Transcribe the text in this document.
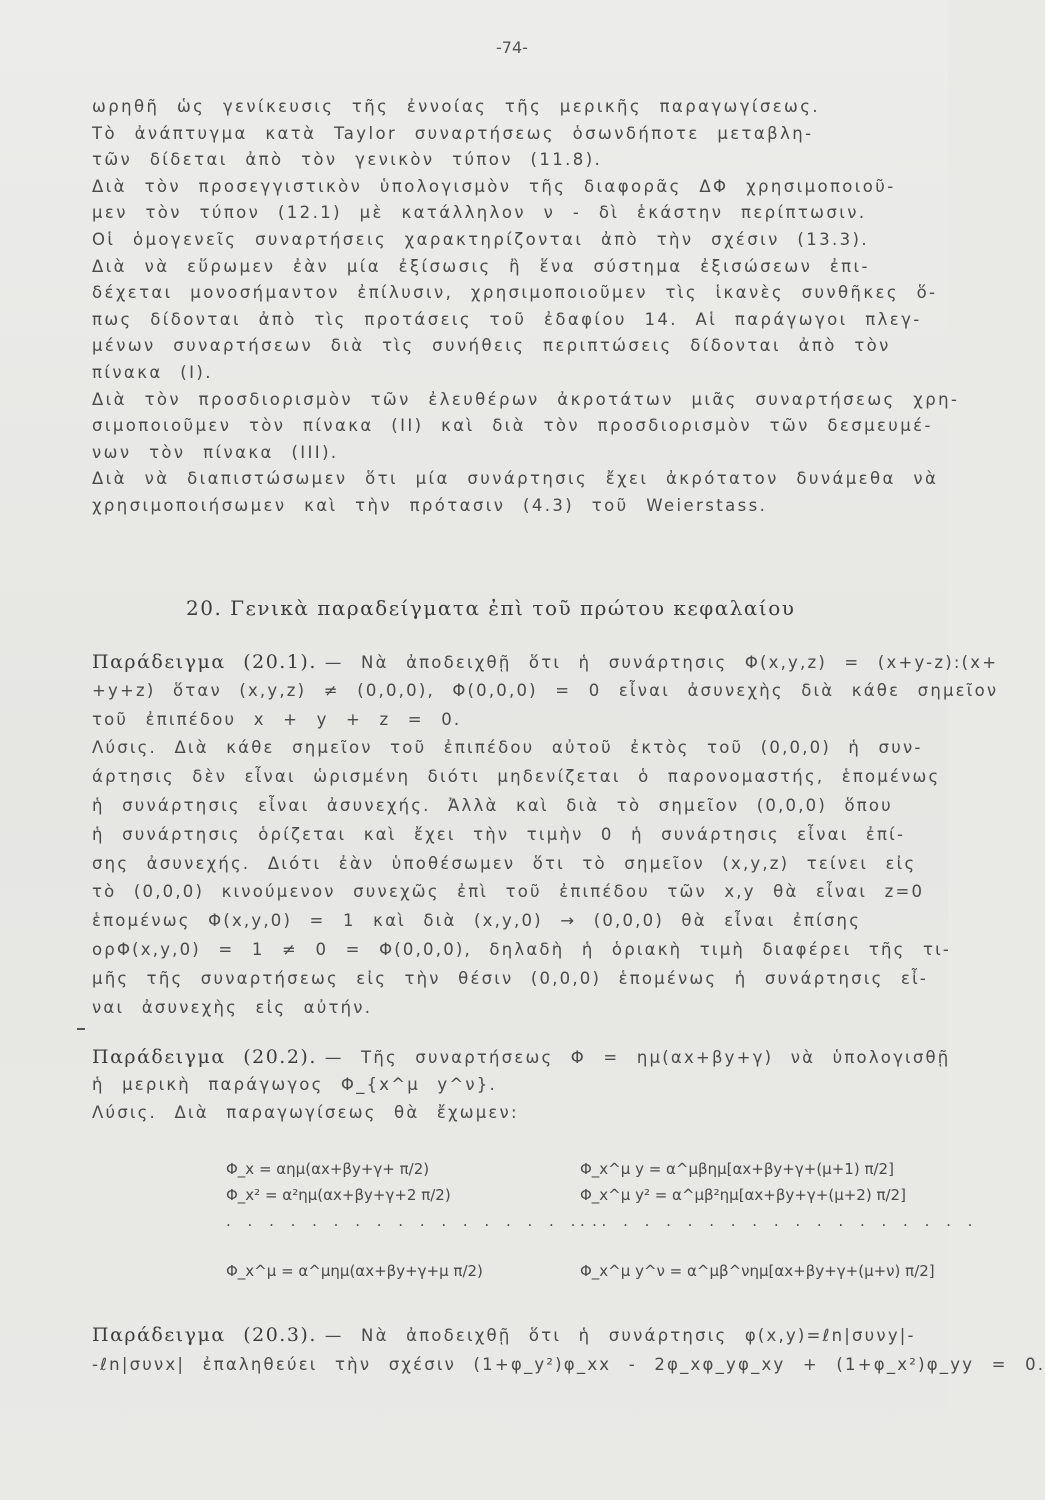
-74-
ωρηθῆ ὡς γενίκευσις τῆς ἐννοίας τῆς μερικῆς παραγωγίσεως.
Τὸ ἀνάπτυγμα κατὰ Taylor συναρτήσεως ὁσωνδήποτε μεταβλη-
τῶν δίδεται ἀπὸ τὸν γενικὸν τύπον (11.8).
Διὰ τὸν προσεγγιστικὸν ὑπολογισμὸν τῆς διαφορᾶς ΔΦ χρησιμοποιοῦ-
μεν τὸν τύπον (12.1) μὲ κατάλληλον ν - δὶ ἑκάστην περίπτωσιν.
Οἱ ὁμογενεῖς συναρτήσεις χαρακτηρίζονται ἀπὸ τὴν σχέσιν (13.3).
Διὰ νὰ εὕρωμεν ἐὰν μία ἐξίσωσις ἢ ἕνα σύστημα ἐξισώσεων ἐπι-
δέχεται μονοσήμαντον ἐπίλυσιν, χρησιμοποιοῦμεν τὶς ἱκανὲς συνθῆκες ὅ-
πως δίδονται ἀπὸ τὶς προτάσεις τοῦ ἐδαφίου 14. Αἱ παράγωγοι πλεγ-
μένων συναρτήσεων διὰ τὶς συνήθεις περιπτώσεις δίδονται ἀπὸ τὸν
πίνακα (Ι).
Διὰ τὸν προσδιορισμὸν τῶν ἐλευθέρων ἀκροτάτων μιᾶς συναρτήσεως χρη-
σιμοποιοῦμεν τὸν πίνακα (ΙΙ) καὶ διὰ τὸν προσδιορισμὸν τῶν δεσμευμέ-
νων τὸν πίνακα (ΙΙΙ).
Διὰ νὰ διαπιστώσωμεν ὅτι μία συνάρτησις ἔχει ἀκρότατον δυνάμεθα νὰ
χρησιμοποιήσωμεν καὶ τὴν πρότασιν (4.3) τοῦ Weierstass.
20. Γενικὰ παραδείγματα ἐπὶ τοῦ πρώτου κεφαλαίου
Παράδειγμα (20.1). — Νὰ ἀποδειχθῇ ὅτι ἡ συνάρτησις Φ(x,y,z) = (x+y-z):(x+
+y+z) ὅταν (x,y,z) ≠ (0,0,0), Φ(0,0,0) = 0 εἶναι ἀσυνεχὴς διὰ κάθε σημεῖον
τοῦ ἐπιπέδου x + y + z = 0.
Λύσις. Διὰ κάθε σημεῖον τοῦ ἐπιπέδου αὐτοῦ ἐκτὸς τοῦ (0,0,0) ἡ συν-
άρτησις δὲν εἶναι ὡρισμένη διότι μηδενίζεται ὁ παρονομαστής, ἑπομένως
ἡ συνάρτησις εἶναι ἀσυνεχής. Ἀλλὰ καὶ διὰ τὸ σημεῖον (0,0,0) ὅπου
ἡ συνάρτησις ὁρίζεται καὶ ἔχει τὴν τιμὴν 0 ἡ συνάρτησις εἶναι ἐπί-
σης ἀσυνεχής. Διότι ἐὰν ὑποθέσωμεν ὅτι τὸ σημεῖον (x,y,z) τείνει εἰς
τὸ (0,0,0) κινούμενον συνεχῶς ἐπὶ τοῦ ἐπιπέδου τῶν x,y θὰ εἶναι z=0
ἑπομένως Φ(x,y,0) = 1 καὶ διὰ (x,y,0) → (0,0,0) θὰ εἶναι ἐπίσης
ορΦ(x,y,0) = 1 ≠ 0 = Φ(0,0,0), δηλαδὴ ἡ ὁριακὴ τιμὴ διαφέρει τῆς τι-
μῆς τῆς συναρτήσεως εἰς τὴν θέσιν (0,0,0) ἑπομένως ἡ συνάρτησις εἶ-
ναι ἀσυνεχὴς εἰς αὐτήν.
Παράδειγμα (20.2). — Τῆς συναρτήσεως Φ = ημ(αx+βy+γ) νὰ ὑπολογισθῇ
ἡ μερικὴ παράγωγος Φ_{x^μ y^ν}.
Λύσις. Διὰ παραγωγίσεως θὰ ἔχωμεν:
Φ_x = αημ(αx+βy+γ+ π/2)	Φ_x^μ y = α^μβημ[αx+βy+γ+(μ+1) π/2]
Φ_x² = α²ημ(αx+βy+γ+2 π/2)	Φ_x^μ y² = α^μβ²ημ[αx+βy+γ+(μ+2) π/2]
. . . . . . . . . . . . . . . . . .
. . . . . . . . . . . . . . . . . . .
Φ_x^μ = α^μημ(αx+βy+γ+μ π/2)	Φ_x^μ y^ν = α^μβ^νημ[αx+βy+γ+(μ+ν) π/2]
Παράδειγμα (20.3). — Νὰ ἀποδειχθῇ ὅτι ἡ συνάρτησις φ(x,y)=ℓn|συνy|-
-ℓn|συνx| ἐπαληθεύει τὴν σχέσιν (1+φ_y²)φ_xx - 2φ_xφ_yφ_xy + (1+φ_x²)φ_yy = 0.
